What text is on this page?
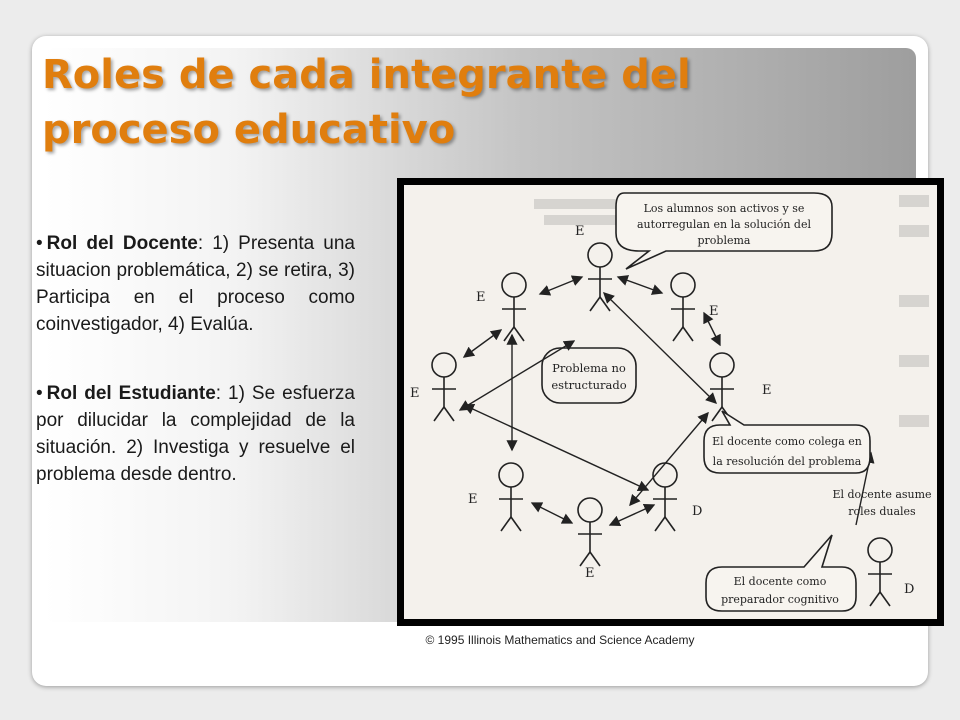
Roles de cada integrante del
proceso educativo

• Rol del Docente: 1) Presenta una situacion problemática, 2) se retira, 3) Participa en el proceso como coinvestigador, 4) Evalúa.

• Rol del Estudiante: 1) Se esfuerza por dilucidar la complejidad de la situación. 2) Investiga y resuelve el problema desde dentro.

E
E
E
E	E
E
D
E
D
Problema no
estructurado
Los alumnos son activos y se
autorregulan en la solución del
problema
El docente como colega en
la resolución del problema
El docente asume
roles duales
El docente como
preparador cognitivo
© 1995 Illinois Mathematics and Science Academy
